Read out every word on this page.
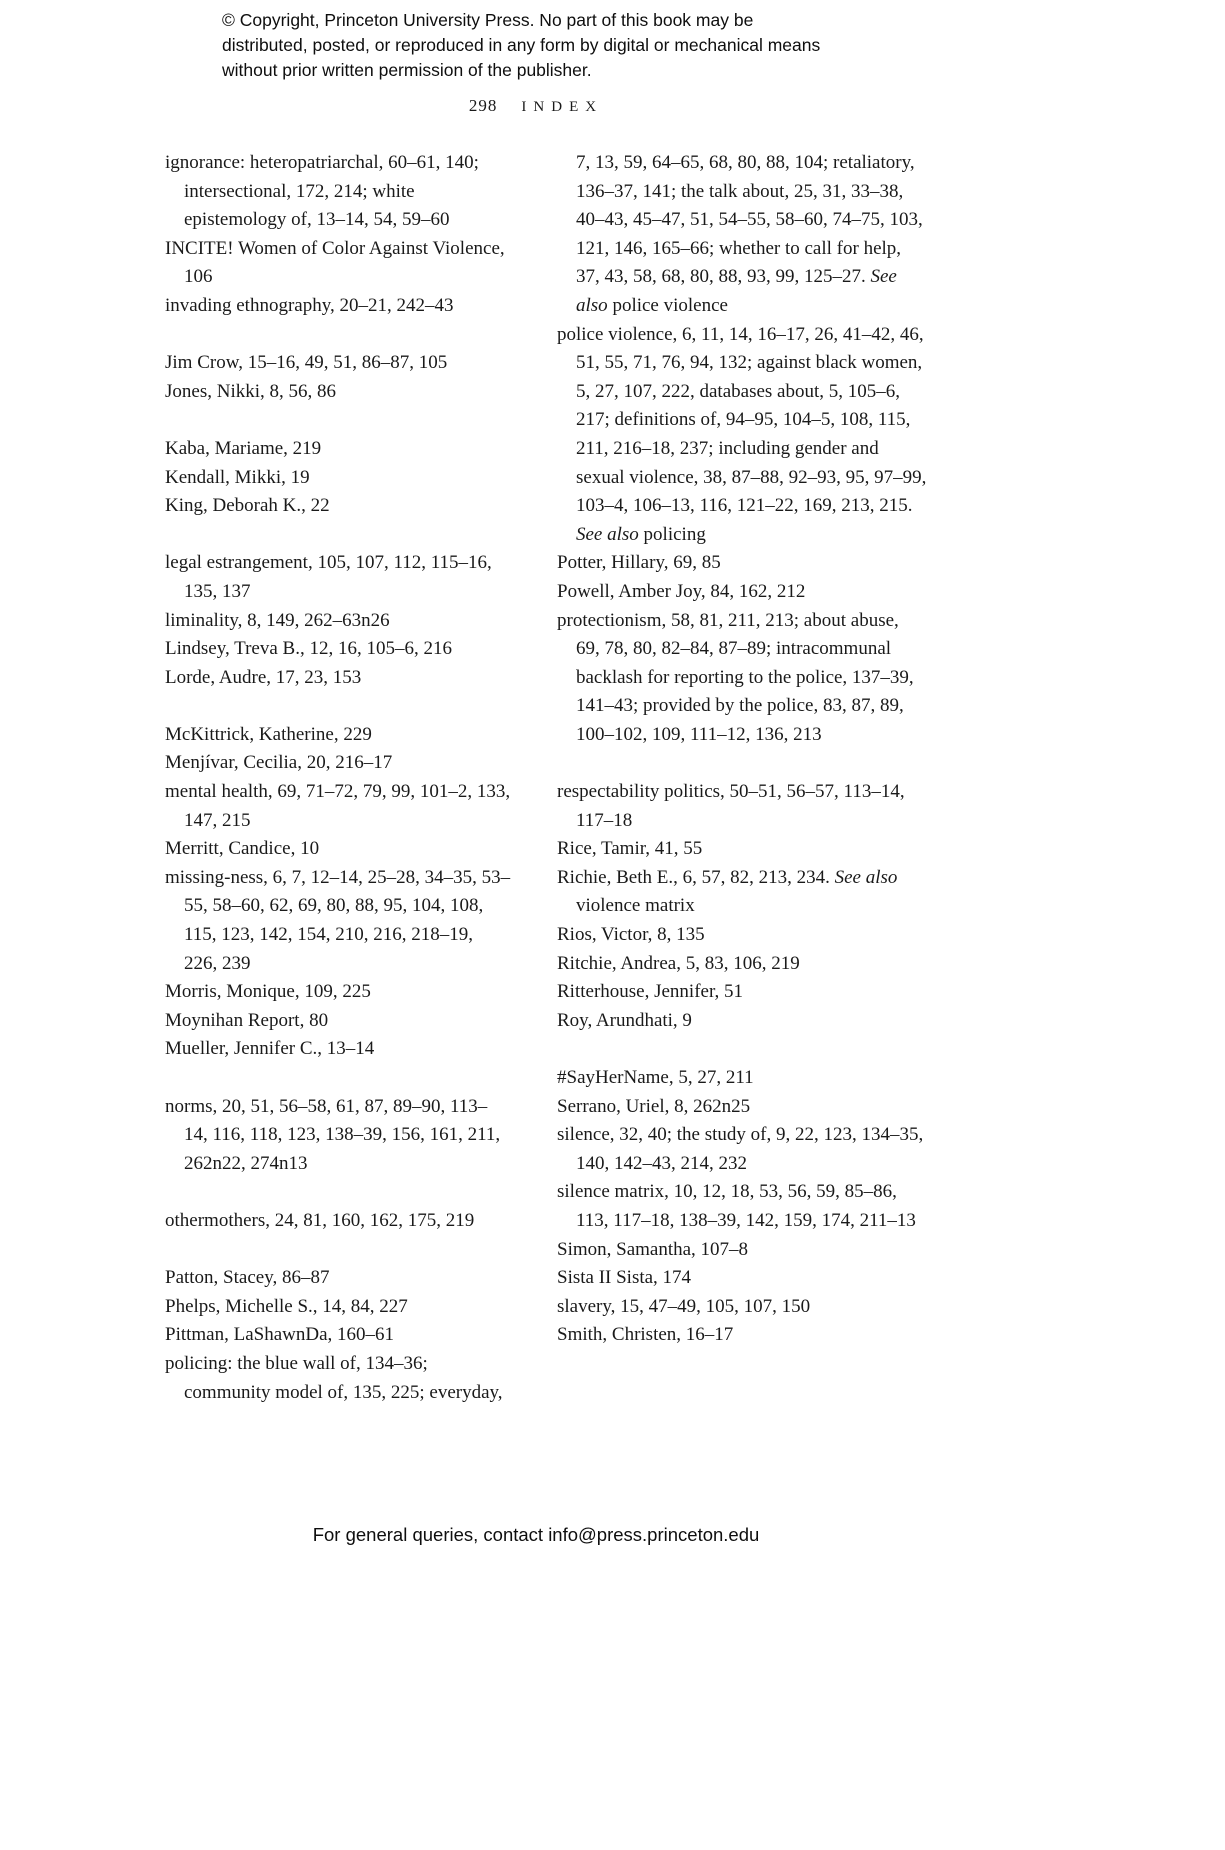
© Copyright, Princeton University Press. No part of this book may be distributed, posted, or reproduced in any form by digital or mechanical means without prior written permission of the publisher.
298 INDEX
ignorance: heteropatriarchal, 60–61, 140; intersectional, 172, 214; white epistemology of, 13–14, 54, 59–60
INCITE! Women of Color Against Violence, 106
invading ethnography, 20–21, 242–43
Jim Crow, 15–16, 49, 51, 86–87, 105
Jones, Nikki, 8, 56, 86
Kaba, Mariame, 219
Kendall, Mikki, 19
King, Deborah K., 22
legal estrangement, 105, 107, 112, 115–16, 135, 137
liminality, 8, 149, 262–63n26
Lindsey, Treva B., 12, 16, 105–6, 216
Lorde, Audre, 17, 23, 153
McKittrick, Katherine, 229
Menjívar, Cecilia, 20, 216–17
mental health, 69, 71–72, 79, 99, 101–2, 133, 147, 215
Merritt, Candice, 10
missing-ness, 6, 7, 12–14, 25–28, 34–35, 53–55, 58–60, 62, 69, 80, 88, 95, 104, 108, 115, 123, 142, 154, 210, 216, 218–19, 226, 239
Morris, Monique, 109, 225
Moynihan Report, 80
Mueller, Jennifer C., 13–14
norms, 20, 51, 56–58, 61, 87, 89–90, 113–14, 116, 118, 123, 138–39, 156, 161, 211, 262n22, 274n13
othermothers, 24, 81, 160, 162, 175, 219
Patton, Stacey, 86–87
Phelps, Michelle S., 14, 84, 227
Pittman, LaShawnDa, 160–61
policing: the blue wall of, 134–36; community model of, 135, 225; everyday,
7, 13, 59, 64–65, 68, 80, 88, 104; retaliatory, 136–37, 141; the talk about, 25, 31, 33–38, 40–43, 45–47, 51, 54–55, 58–60, 74–75, 103, 121, 146, 165–66; whether to call for help, 37, 43, 58, 68, 80, 88, 93, 99, 125–27. See also police violence
police violence, 6, 11, 14, 16–17, 26, 41–42, 46, 51, 55, 71, 76, 94, 132; against black women, 5, 27, 107, 222, databases about, 5, 105–6, 217; definitions of, 94–95, 104–5, 108, 115, 211, 216–18, 237; including gender and sexual violence, 38, 87–88, 92–93, 95, 97–99, 103–4, 106–13, 116, 121–22, 169, 213, 215. See also policing
Potter, Hillary, 69, 85
Powell, Amber Joy, 84, 162, 212
protectionism, 58, 81, 211, 213; about abuse, 69, 78, 80, 82–84, 87–89; intracommunal backlash for reporting to the police, 137–39, 141–43; provided by the police, 83, 87, 89, 100–102, 109, 111–12, 136, 213
respectability politics, 50–51, 56–57, 113–14, 117–18
Rice, Tamir, 41, 55
Richie, Beth E., 6, 57, 82, 213, 234. See also violence matrix
Rios, Victor, 8, 135
Ritchie, Andrea, 5, 83, 106, 219
Ritterhouse, Jennifer, 51
Roy, Arundhati, 9
#SayHerName, 5, 27, 211
Serrano, Uriel, 8, 262n25
silence, 32, 40; the study of, 9, 22, 123, 134–35, 140, 142–43, 214, 232
silence matrix, 10, 12, 18, 53, 56, 59, 85–86, 113, 117–18, 138–39, 142, 159, 174, 211–13
Simon, Samantha, 107–8
Sista II Sista, 174
slavery, 15, 47–49, 105, 107, 150
Smith, Christen, 16–17
For general queries, contact info@press.princeton.edu
